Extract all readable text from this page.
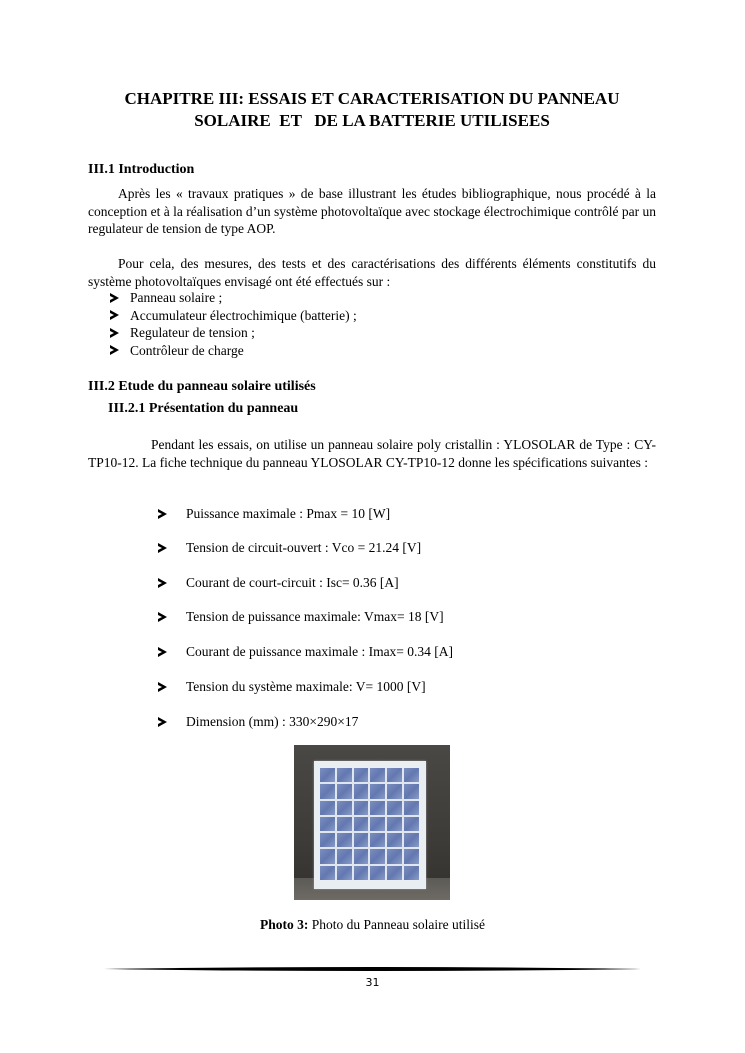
CHAPITRE III: ESSAIS ET CARACTERISATION DU PANNEAU
SOLAIRE  ET   DE LA BATTERIE UTILISEES
III.1 Introduction
Après les « travaux pratiques » de base illustrant les études bibliographique, nous procédé à la conception et à la réalisation d’un système photovoltaïque avec stockage électrochimique contrôlé par un regulateur de tension de type AOP.
Pour cela, des mesures, des tests et des caractérisations des différents éléments constitutifs du système photovoltaïques envisagé ont été effectués sur :
Panneau solaire ;
Accumulateur électrochimique (batterie) ;
Regulateur de tension ;
Contrôleur de charge
III.2 Etude du panneau solaire utilisés
III.2.1 Présentation du panneau
Pendant les essais, on utilise un panneau solaire poly cristallin : YLOSOLAR de Type : CY-TP10-12. La fiche technique du panneau YLOSOLAR CY-TP10-12 donne les spécifications suivantes :
Puissance maximale : Pmax = 10 [W]
Tension de circuit-ouvert : Vco = 21.24 [V]
Courant de court-circuit : Isc= 0.36 [A]
Tension de puissance maximale: Vmax= 18 [V]
Courant de puissance maximale : Imax= 0.34 [A]
Tension du système maximale: V= 1000 [V]
Dimension (mm) : 330×290×17
Photo 3: Photo du Panneau solaire utilisé
31
